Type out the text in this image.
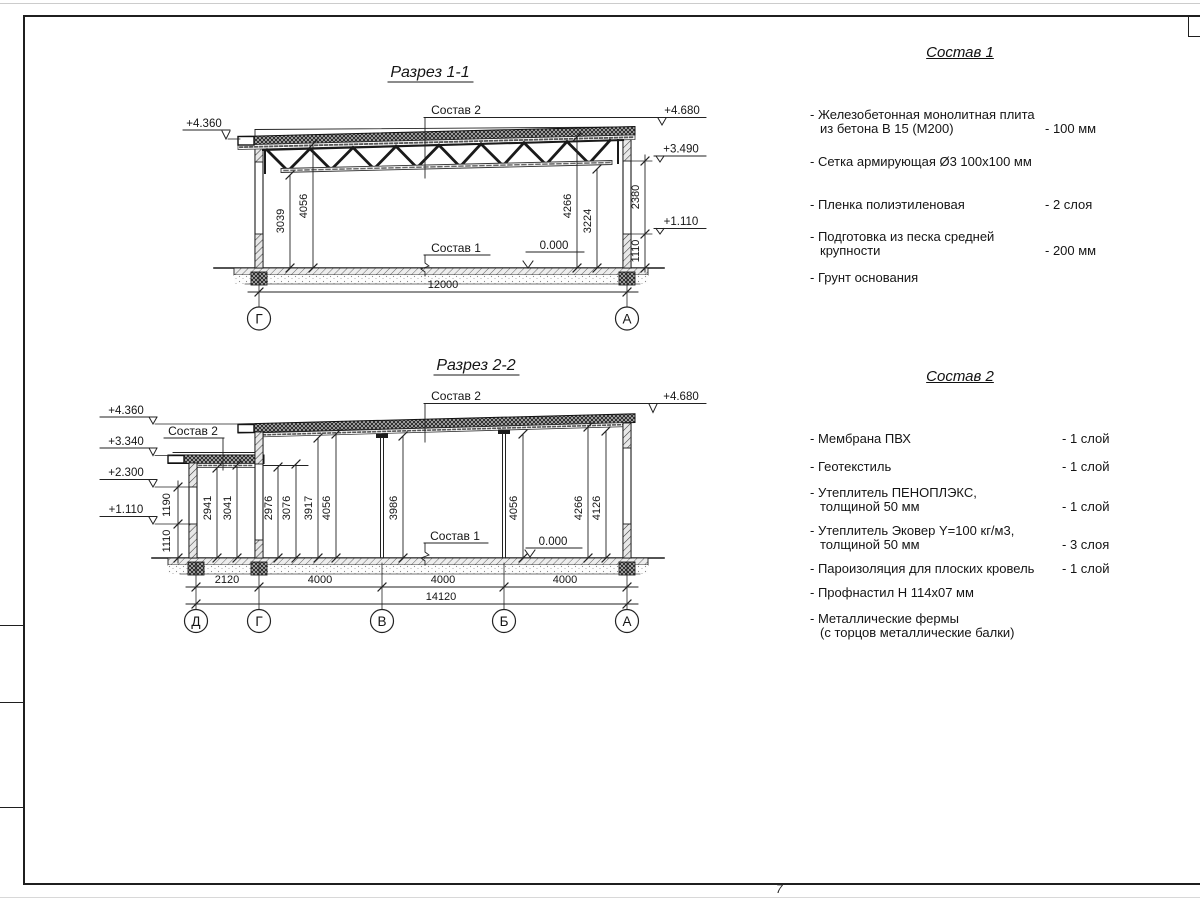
7
Разрез 1-1
Состав 2	+4.680
+3.490
+1.110
2380
1110
+4.360
3039
4056	4266
3224
Состав 1	0.000
12000
Г	А
Разрез 2-2
Состав 2	+4.680
Состав 2
+4.360
+3.340
+2.300
+1.110 1190
1110
2941 3041	2976 3076 3917 4056	3986	4056	4266 4126
Состав 1	0.000
2120	4000	4000	4000
14120
Д	Г	В	Б	А
Состав 1
- Железобетонная монолитная плита
из бетона В 15 (М200)	- 100 мм
- Сетка армирующая Ø3 100х100 мм
- Пленка полиэтиленовая	- 2 слоя
- Подготовка из песка средней
крупности	- 200 мм
- Грунт основания
Состав 2
- Мембрана ПВХ	- 1 слой
- Геотекстиль	- 1 слой
- Утеплитель ПЕНОПЛЭКС,
толщиной 50 мм	- 1 слой
- Утеплитель Эковер Y=100 кг/м3,
толщиной 50 мм	- 3 слоя
- Пароизоляция для плоских кровель	- 1 слой
- Профнастил Н 114х07 мм
- Металлические фермы
(с торцов металлические балки)
